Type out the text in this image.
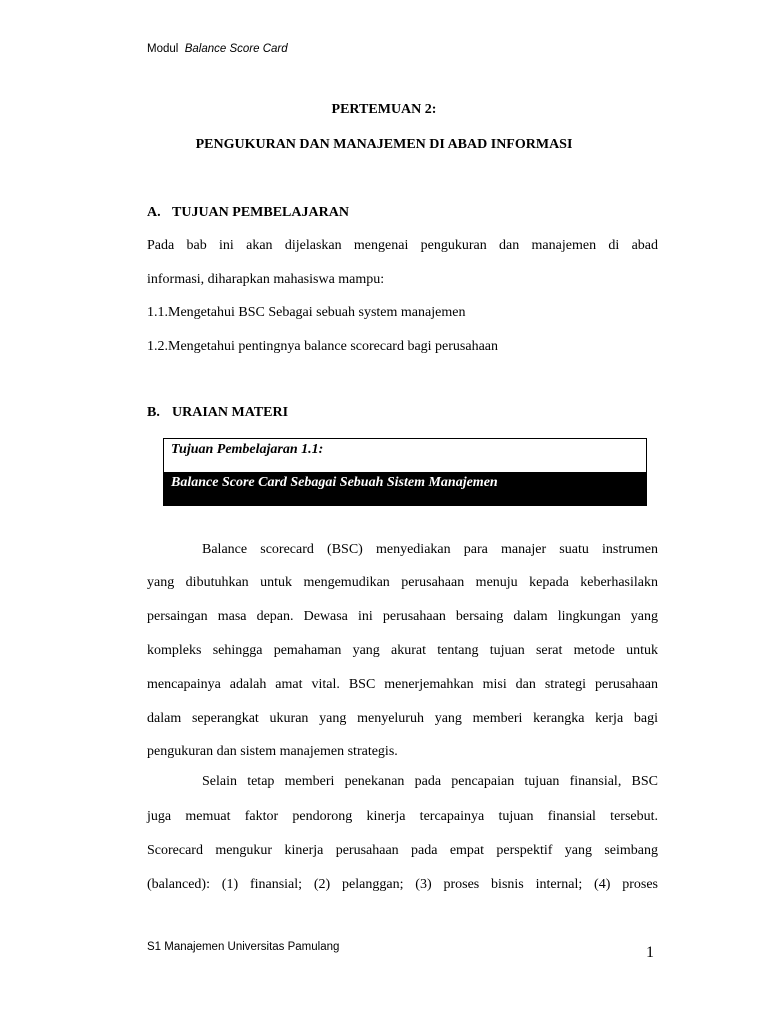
Modul Balance Score Card
PERTEMUAN 2:
PENGUKURAN DAN MANAJEMEN DI ABAD INFORMASI
A. TUJUAN PEMBELAJARAN
Pada bab ini akan dijelaskan mengenai pengukuran dan manajemen di abad
informasi, diharapkan mahasiswa mampu:
1.1.Mengetahui BSC Sebagai sebuah system manajemen
1.2.Mengetahui pentingnya balance scorecard bagi perusahaan
B. URAIAN MATERI
Tujuan Pembelajaran 1.1:
Balance Score Card Sebagai Sebuah Sistem Manajemen
Balance scorecard (BSC) menyediakan para manajer suatu instrumen
yang dibutuhkan untuk mengemudikan perusahaan menuju kepada keberhasilakn
persaingan masa depan. Dewasa ini perusahaan bersaing dalam lingkungan yang
kompleks sehingga pemahaman yang akurat tentang tujuan serat metode untuk
mencapainya adalah amat vital. BSC menerjemahkan misi dan strategi perusahaan
dalam seperangkat ukuran yang menyeluruh yang memberi kerangka kerja bagi
pengukuran dan sistem manajemen strategis.
Selain tetap memberi penekanan pada pencapaian tujuan finansial, BSC
juga memuat faktor pendorong kinerja tercapainya tujuan finansial tersebut.
Scorecard mengukur kinerja perusahaan pada empat perspektif yang seimbang
(balanced): (1) finansial; (2) pelanggan; (3) proses bisnis internal; (4) proses
S1 Manajemen Universitas Pamulang	1
